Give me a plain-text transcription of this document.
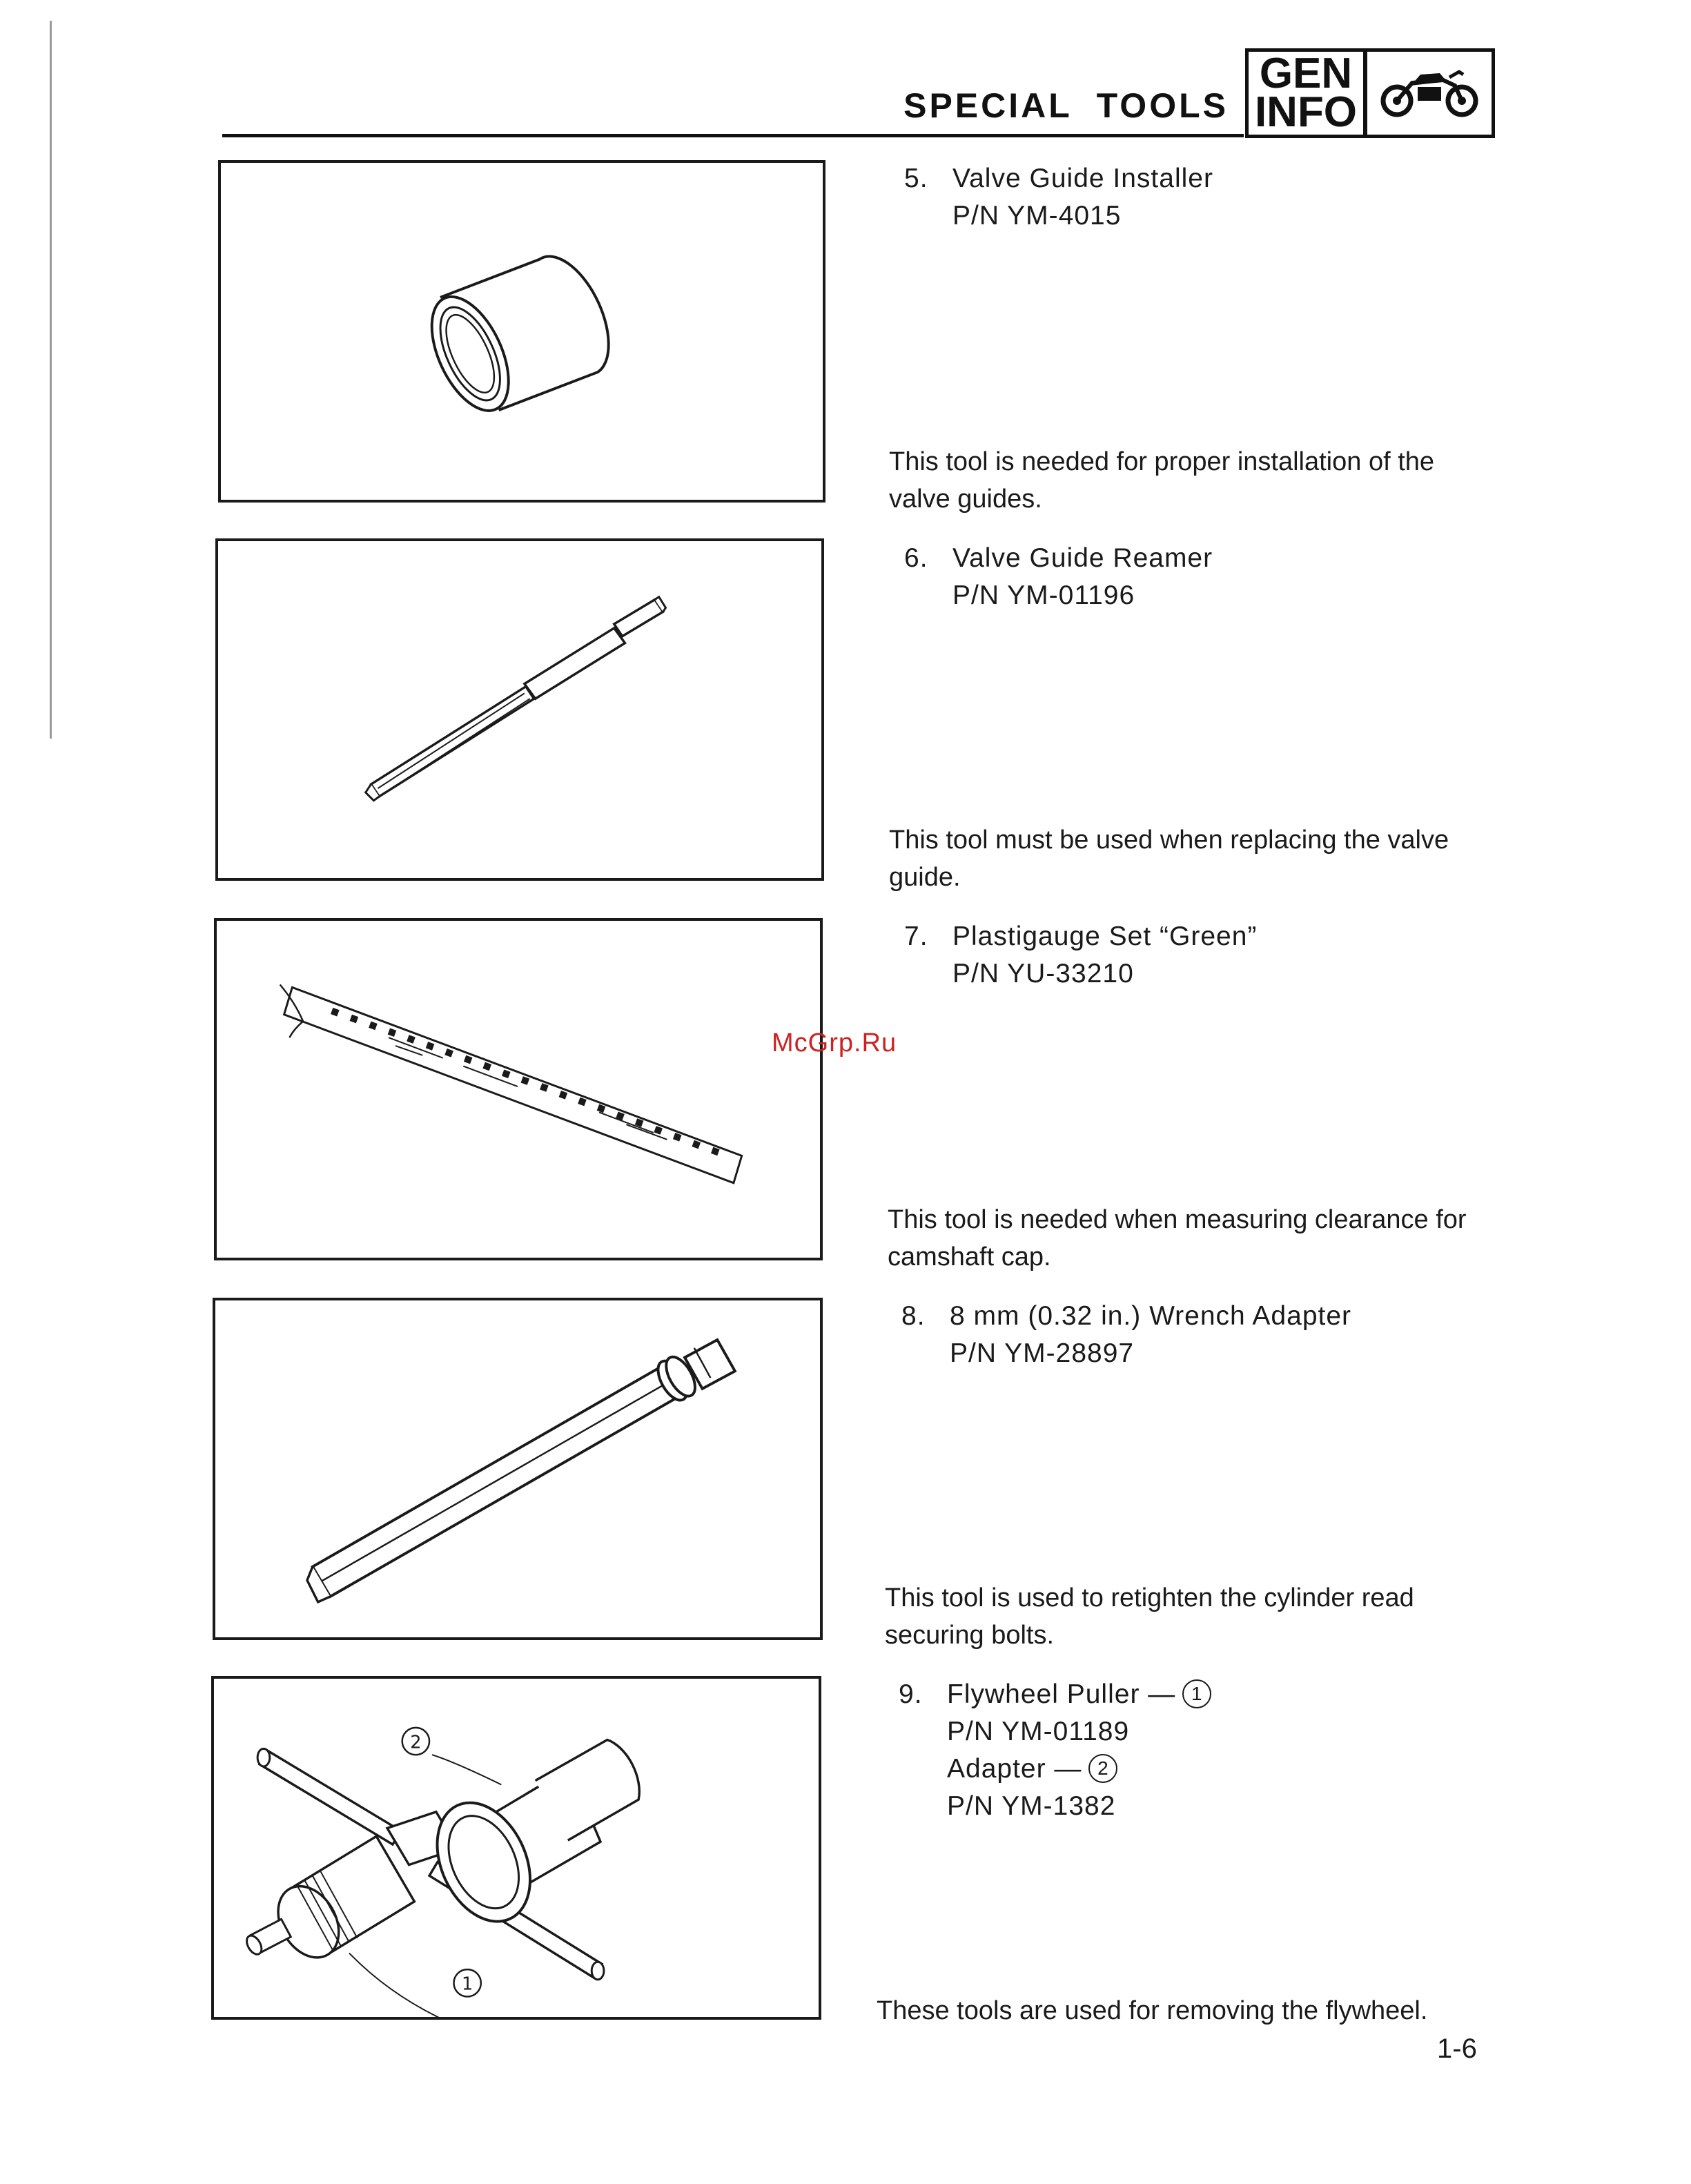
SPECIAL  TOOLS
GEN
INFO
1
2
5. Valve Guide Installer
P/N YM-4015
This tool is needed for proper installation of the valve guides.
6. Valve Guide Reamer
P/N YM-01196
This tool must be used when replacing the valve guide.
7. Plastigauge Set “Green”
P/N YU-33210
This tool is needed when measuring clearance for camshaft cap.
8. 8 mm (0.32 in.) Wrench Adapter
P/N YM-28897
This tool is used to retighten the cylinder read securing bolts.
9. Flywheel Puller — 1
P/N YM-01189
Adapter — 2
P/N YM-1382
These tools are used for removing the flywheel.
McGrp.Ru
1-6
